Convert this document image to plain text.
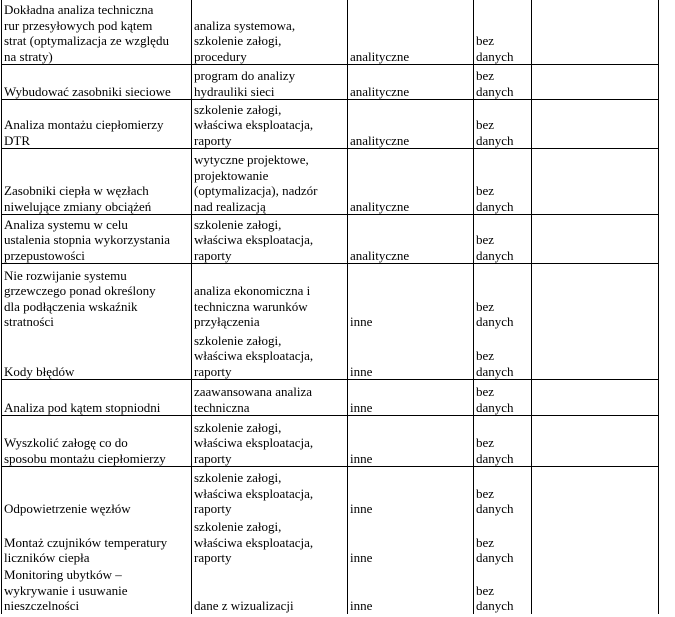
Dokładna analiza techniczna
rur przesyłowych pod kątem
strat (optymalizacja ze względu
na straty)	analiza systemowa,
szkolenie załogi,
procedury	analityczne	bez
danych	
Wybudować zasobniki sieciowe	program do analizy
hydrauliki sieci	analityczne	bez
danych	
Analiza montażu ciepłomierzy
DTR	szkolenie załogi,
właściwa eksploatacja,
raporty	analityczne	bez
danych	
Zasobniki ciepła w węzłach
niwelujące zmiany obciążeń	wytyczne projektowe,
projektowanie
(optymalizacja), nadzór
nad realizacją	analityczne	bez
danych	
Analiza systemu w celu
ustalenia stopnia wykorzystania
przepustowości	szkolenie załogi,
właściwa eksploatacja,
raporty	analityczne	bez
danych	
Nie rozwijanie systemu
grzewczego ponad określony
dla podłączenia wskaźnik
stratności	analiza ekonomiczna i
techniczna warunków
przyłączenia	inne	bez
danych	
Kody błędów	szkolenie załogi,
właściwa eksploatacja,
raporty	inne	bez
danych	
Analiza pod kątem stopniodni	zaawansowana analiza
techniczna	inne	bez
danych	
Wyszkolić załogę co do
sposobu montażu ciepłomierzy	szkolenie załogi,
właściwa eksploatacja,
raporty	inne	bez
danych	
Odpowietrzenie węzłów	szkolenie załogi,
właściwa eksploatacja,
raporty	inne	bez
danych	
Montaż czujników temperatury
liczników ciepła	szkolenie załogi,
właściwa eksploatacja,
raporty	inne	bez
danych	
Monitoring ubytków –
wykrywanie i usuwanie
nieszczelności	dane z wizualizacji	inne	bez
danych	
